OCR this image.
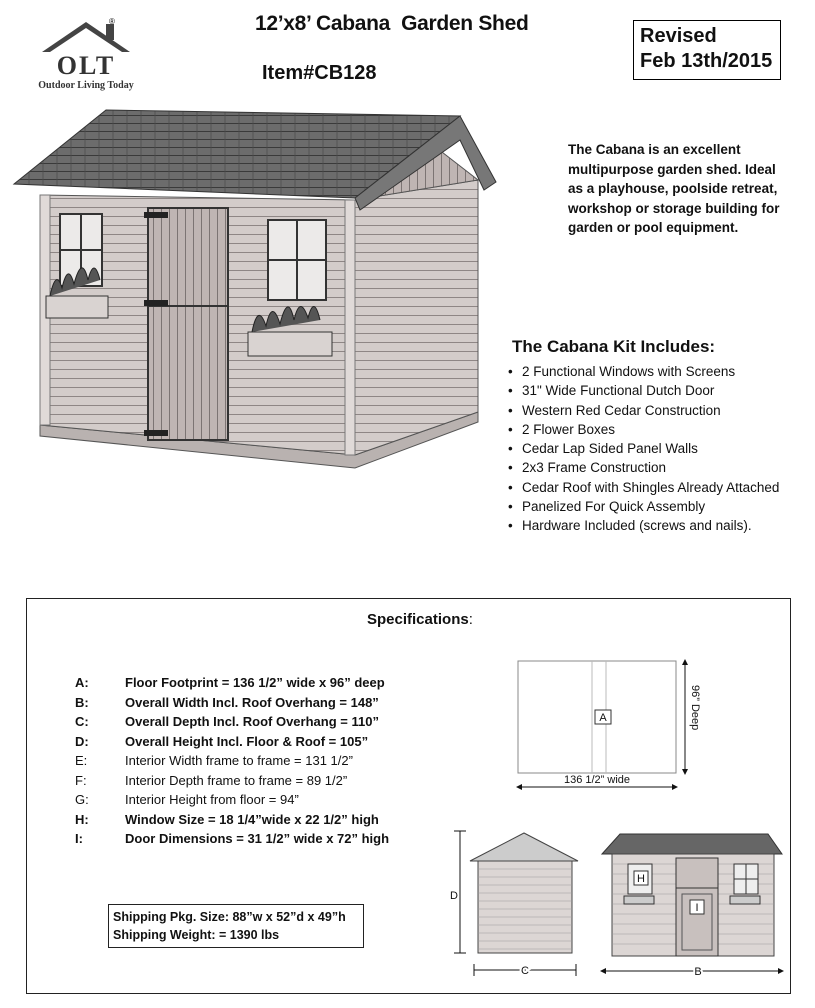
®
OLT
Outdoor Living Today
12’x8’ Cabana  Garden Shed
Item#CB128
Revised
Feb 13th/2015
The Cabana is an excellent multipurpose garden shed. Ideal as a playhouse, poolside retreat, workshop or storage building for garden or pool equipment.
The Cabana Kit Includes:
• 2 Functional Windows with Screens
• 31" Wide Functional Dutch Door
• Western Red Cedar Construction
• 2 Flower Boxes
• Cedar Lap Sided Panel Walls
• 2x3 Frame Construction
• Cedar Roof with Shingles Already Attached
• Panelized For Quick Assembly
• Hardware Included (screws and nails).
Specifications:
A:	Floor Footprint = 136 1/2” wide x 96” deep
B:	Overall Width Incl. Roof Overhang = 148”
C:	Overall Depth Incl. Roof Overhang = 110”
D:	Overall Height Incl. Floor & Roof = 105”
E:	Interior Width frame to frame = 131 1/2”
F:	Interior Depth frame to frame = 89 1/2”
G:	Interior Height from floor = 94”
H:	Window Size = 18 1/4”wide x 22 1/2” high
I:	Door Dimensions = 31 1/2” wide x 72” high
Shipping Pkg. Size: 88”w x 52”d x 49”h
Shipping Weight: = 1390 lbs
A	96” Deep
136 1/2” wide
D
C
H
I
B
